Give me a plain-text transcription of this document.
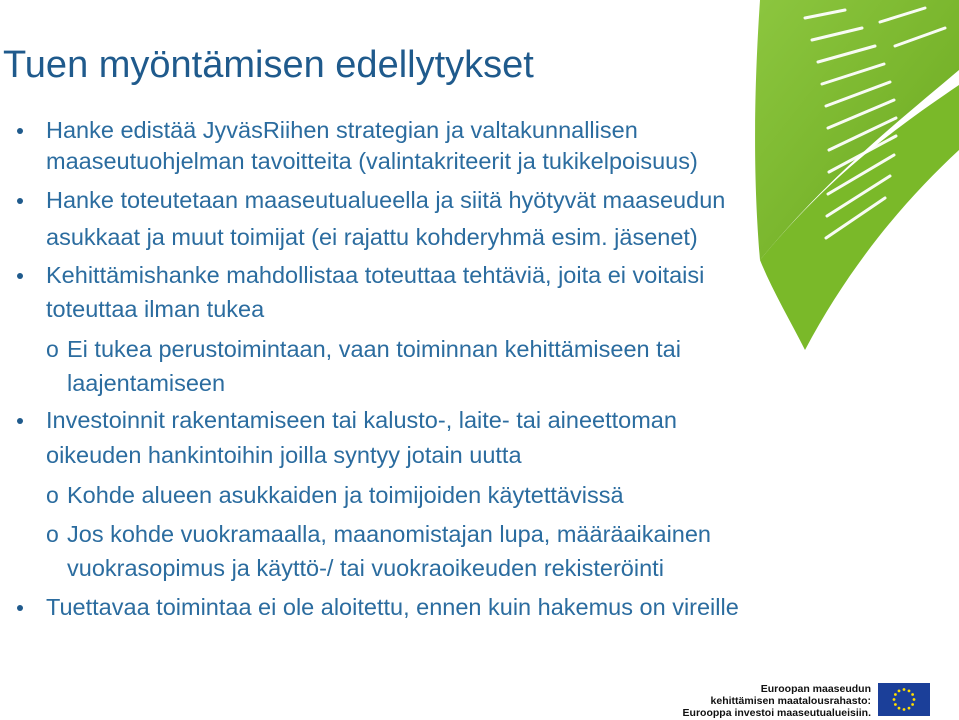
Tuen myöntämisen edellytykset
Hanke edistää JyväsRiihen strategian ja valtakunnallisen
maaseutuohjelman tavoitteita (valintakriteerit ja tukikelpoisuus)
Hanke toteutetaan maaseutualueella ja siitä hyötyvät maaseudun
asukkaat ja muut toimijat (ei rajattu kohderyhmä esim. jäsenet)
Kehittämishanke mahdollistaa toteuttaa tehtäviä, joita ei voitaisi
toteuttaa ilman tukea
o Ei tukea perustoimintaan, vaan toiminnan kehittämiseen tai
laajentamiseen
Investoinnit rakentamiseen tai kalusto-, laite- tai aineettoman
oikeuden hankintoihin joilla syntyy jotain uutta
o Kohde alueen asukkaiden ja toimijoiden käytettävissä
o Jos kohde vuokramaalla, maanomistajan lupa, määräaikainen
vuokrasopimus ja käyttö-/ tai vuokraoikeuden rekisteröinti
Tuettavaa toimintaa ei ole aloitettu, ennen kuin hakemus on vireille
Euroopan maaseudun
kehittämisen maatalousrahasto:
Eurooppa investoi maaseutualueisiin.
